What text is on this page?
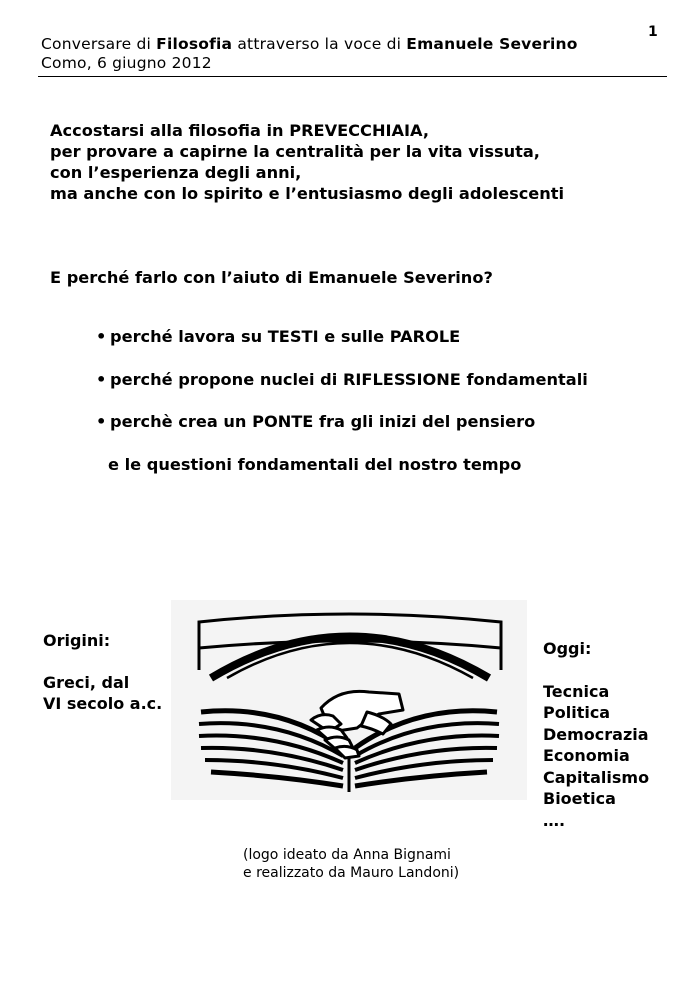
1
Conversare di Filosofia attraverso la voce di Emanuele Severino
Como, 6 giugno 2012
Accostarsi alla filosofia in PREVECCHIAIA,
per provare a capirne la centralità per la vita vissuta,
con l’esperienza degli anni,
ma anche con lo spirito e l’entusiasmo degli adolescenti
E perché farlo con l’aiuto di Emanuele Severino?
• perché lavora su TESTI e sulle PAROLE
• perché propone nuclei di RIFLESSIONE fondamentali
• perchè crea un PONTE fra gli inizi del pensiero
e le questioni fondamentali del nostro tempo
Origini:
Greci, dal
VI secolo a.c.
Oggi:
Tecnica
Politica
Democrazia
Economia
Capitalismo
Bioetica
….
(logo ideato da Anna Bignami
e realizzato da Mauro Landoni)
